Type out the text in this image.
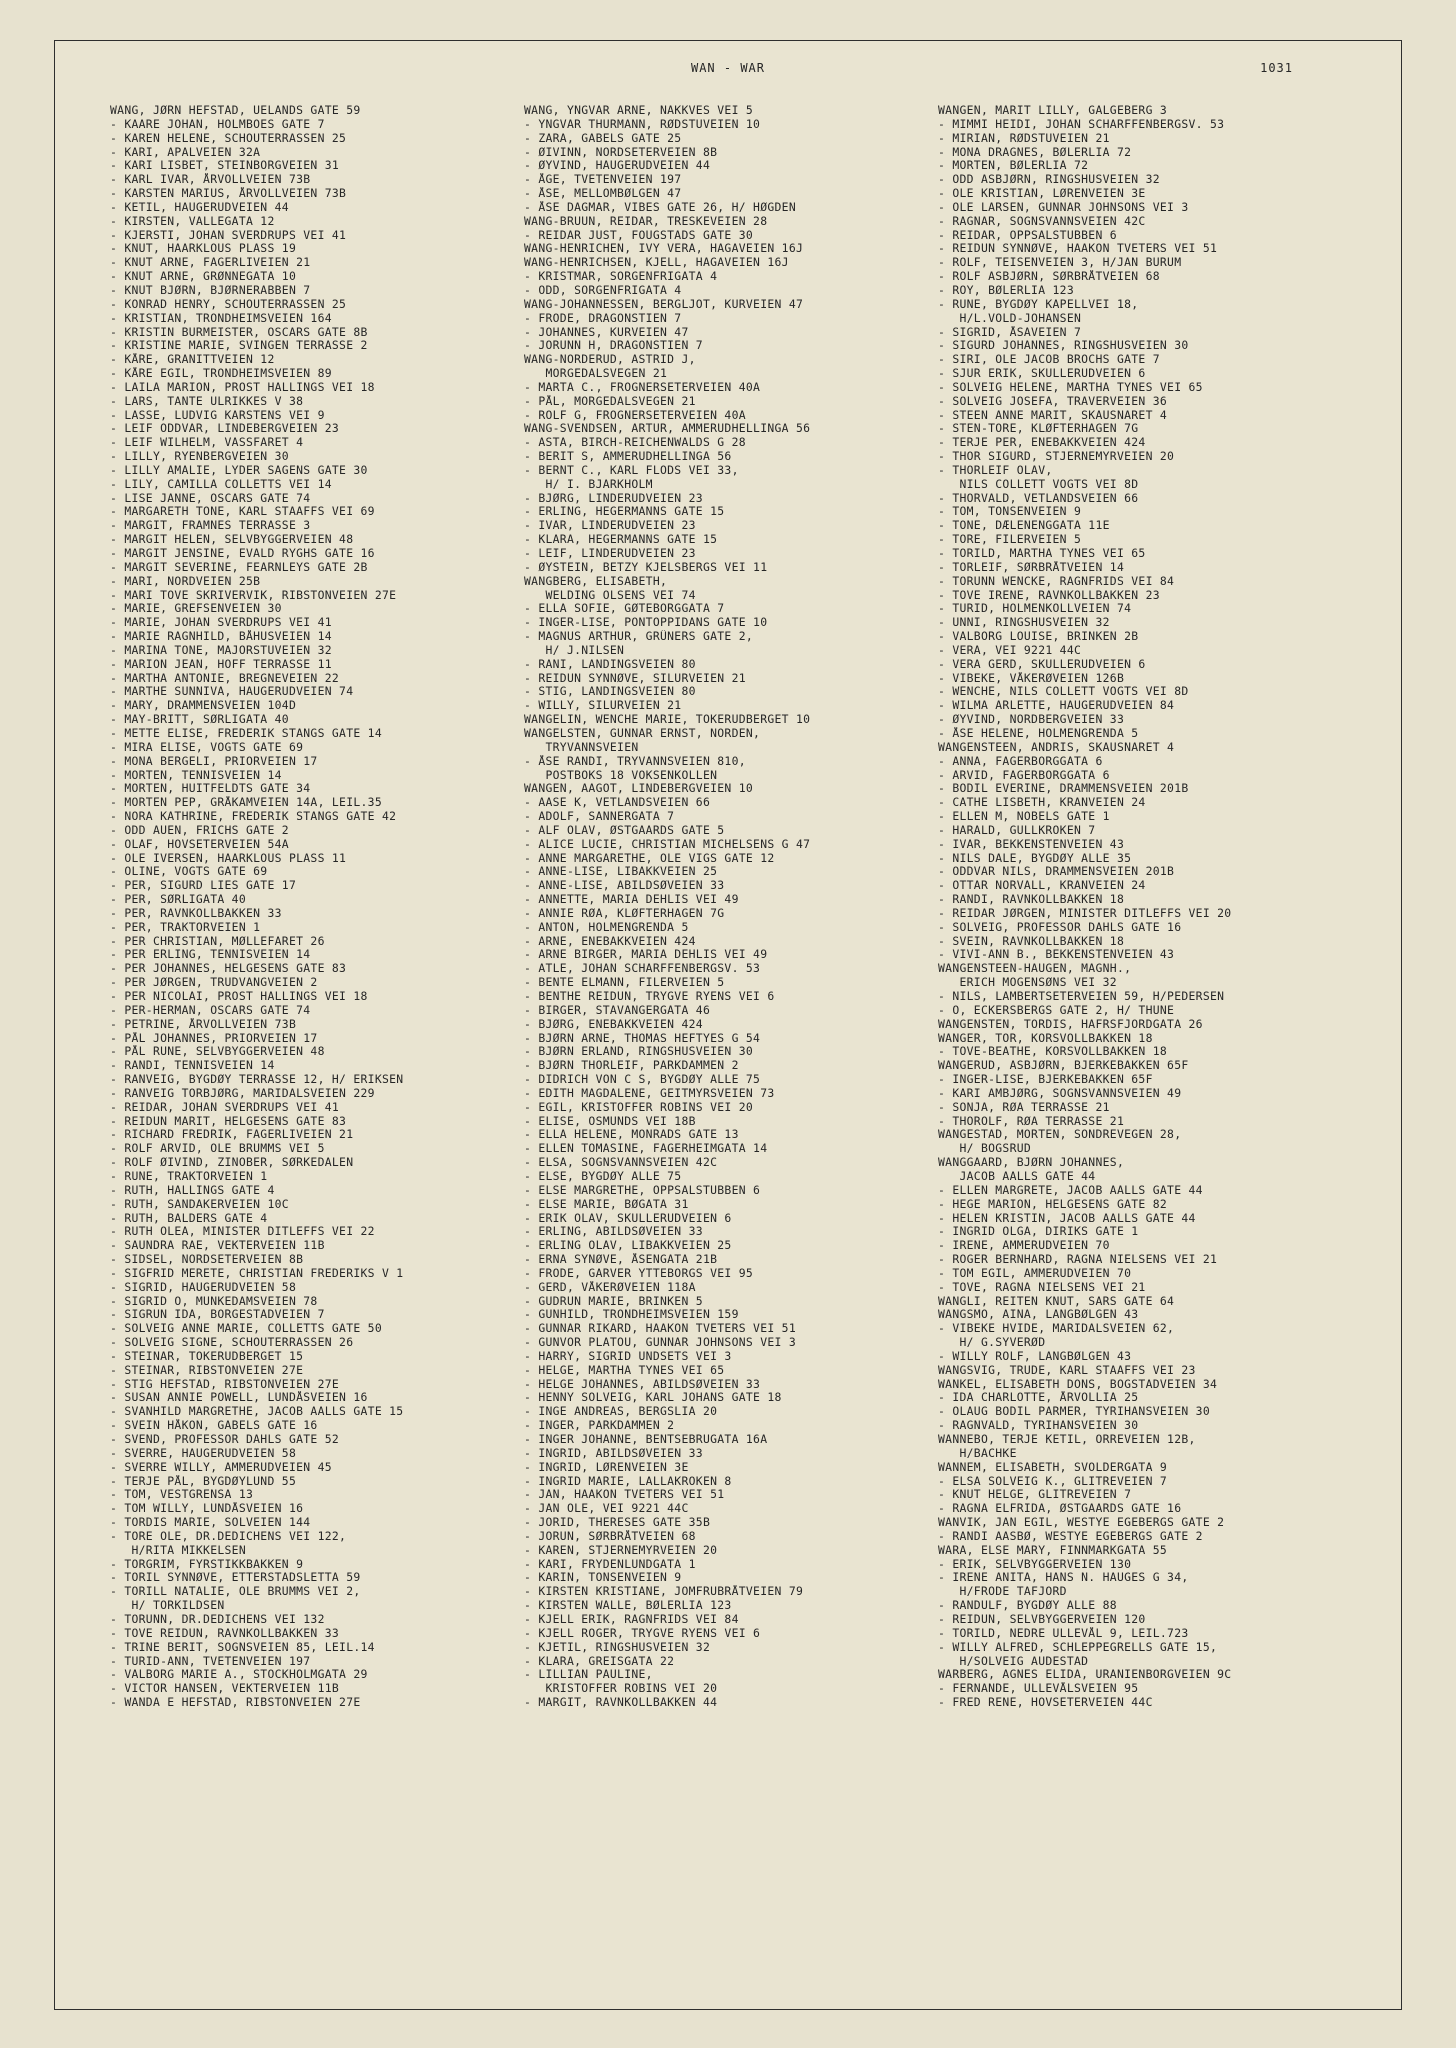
WAN - WAR	1031
WANG, JØRN HEFSTAD, UELANDS GATE 59
- KAARE JOHAN, HOLMBOES GATE 7
- KAREN HELENE, SCHOUTERRASSEN 25
- KARI, APALVEIEN 32A
- KARI LISBET, STEINBORGVEIEN 31
- KARL IVAR, ÅRVOLLVEIEN 73B
- KARSTEN MARIUS, ÅRVOLLVEIEN 73B
- KETIL, HAUGERUDVEIEN 44
- KIRSTEN, VALLEGATA 12
- KJERSTI, JOHAN SVERDRUPS VEI 41
- KNUT, HAARKLOUS PLASS 19
- KNUT ARNE, FAGERLIVEIEN 21
- KNUT ARNE, GRØNNEGATA 10
- KNUT BJØRN, BJØRNERABBEN 7
- KONRAD HENRY, SCHOUTERRASSEN 25
- KRISTIAN, TRONDHEIMSVEIEN 164
- KRISTIN BURMEISTER, OSCARS GATE 8B
- KRISTINE MARIE, SVINGEN TERRASSE 2
- KÅRE, GRANITTVEIEN 12
- KÅRE EGIL, TRONDHEIMSVEIEN 89
- LAILA MARION, PROST HALLINGS VEI 18
- LARS, TANTE ULRIKKES V 38
- LASSE, LUDVIG KARSTENS VEI 9
- LEIF ODDVAR, LINDEBERGVEIEN 23
- LEIF WILHELM, VASSFARET 4
- LILLY, RYENBERGVEIEN 30
- LILLY AMALIE, LYDER SAGENS GATE 30
- LILY, CAMILLA COLLETTS VEI 14
- LISE JANNE, OSCARS GATE 74
- MARGARETH TONE, KARL STAAFFS VEI 69
- MARGIT, FRAMNES TERRASSE 3
- MARGIT HELEN, SELVBYGGERVEIEN 48
- MARGIT JENSINE, EVALD RYGHS GATE 16
- MARGIT SEVERINE, FEARNLEYS GATE 2B
- MARI, NORDVEIEN 25B
- MARI TOVE SKRIVERVIK, RIBSTONVEIEN 27E
- MARIE, GREFSENVEIEN 30
- MARIE, JOHAN SVERDRUPS VEI 41
- MARIE RAGNHILD, BÅHUSVEIEN 14
- MARINA TONE, MAJORSTUVEIEN 32
- MARION JEAN, HOFF TERRASSE 11
- MARTHA ANTONIE, BREGNEVEIEN 22
- MARTHE SUNNIVA, HAUGERUDVEIEN 74
- MARY, DRAMMENSVEIEN 104D
- MAY-BRITT, SØRLIGATA 40
- METTE ELISE, FREDERIK STANGS GATE 14
- MIRA ELISE, VOGTS GATE 69
- MONA BERGELI, PRIORVEIEN 17
- MORTEN, TENNISVEIEN 14
- MORTEN, HUITFELDTS GATE 34
- MORTEN PEP, GRÅKAMVEIEN 14A, LEIL.35
- NORA KATHRINE, FREDERIK STANGS GATE 42
- ODD AUEN, FRICHS GATE 2
- OLAF, HOVSETERVEIEN 54A
- OLE IVERSEN, HAARKLOUS PLASS 11
- OLINE, VOGTS GATE 69
- PER, SIGURD LIES GATE 17
- PER, SØRLIGATA 40
- PER, RAVNKOLLBAKKEN 33
- PER, TRAKTORVEIEN 1
- PER CHRISTIAN, MØLLEFARET 26
- PER ERLING, TENNISVEIEN 14
- PER JOHANNES, HELGESENS GATE 83
- PER JØRGEN, TRUDVANGVEIEN 2
- PER NICOLAI, PROST HALLINGS VEI 18
- PER-HERMAN, OSCARS GATE 74
- PETRINE, ÅRVOLLVEIEN 73B
- PÅL JOHANNES, PRIORVEIEN 17
- PÅL RUNE, SELVBYGGERVEIEN 48
- RANDI, TENNISVEIEN 14
- RANVEIG, BYGDØY TERRASSE 12, H/ ERIKSEN
- RANVEIG TORBJØRG, MARIDALSVEIEN 229
- REIDAR, JOHAN SVERDRUPS VEI 41
- REIDUN MARIT, HELGESENS GATE 83
- RICHARD FREDRIK, FAGERLIVEIEN 21
- ROLF ARVID, OLE BRUMMS VEI 5
- ROLF ØIVIND, ZINOBER, SØRKEDALEN
- RUNE, TRAKTORVEIEN 1
- RUTH, HALLINGS GATE 4
- RUTH, SANDAKERVEIEN 10C
- RUTH, BALDERS GATE 4
- RUTH OLEA, MINISTER DITLEFFS VEI 22
- SAUNDRA RAE, VEKTERVEIEN 11B
- SIDSEL, NORDSETERVEIEN 8B
- SIGFRID MERETE, CHRISTIAN FREDERIKS V 1
- SIGRID, HAUGERUDVEIEN 58
- SIGRID O, MUNKEDAMSVEIEN 78
- SIGRUN IDA, BORGESTADVEIEN 7
- SOLVEIG ANNE MARIE, COLLETTS GATE 50
- SOLVEIG SIGNE, SCHOUTERRASSEN 26
- STEINAR, TOKERUDBERGET 15
- STEINAR, RIBSTONVEIEN 27E
- STIG HEFSTAD, RIBSTONVEIEN 27E
- SUSAN ANNIE POWELL, LUNDÅSVEIEN 16
- SVANHILD MARGRETHE, JACOB AALLS GATE 15
- SVEIN HÅKON, GABELS GATE 16
- SVEND, PROFESSOR DAHLS GATE 52
- SVERRE, HAUGERUDVEIEN 58
- SVERRE WILLY, AMMERUDVEIEN 45
- TERJE PÅL, BYGDØYLUND 55
- TOM, VESTGRENSA 13
- TOM WILLY, LUNDÅSVEIEN 16
- TORDIS MARIE, SOLVEIEN 144
- TORE OLE, DR.DEDICHENS VEI 122,
H/RITA MIKKELSEN
- TORGRIM, FYRSTIKKBAKKEN 9
- TORIL SYNNØVE, ETTERSTADSLETTA 59
- TORILL NATALIE, OLE BRUMMS VEI 2,
H/ TORKILDSEN
- TORUNN, DR.DEDICHENS VEI 132
- TOVE REIDUN, RAVNKOLLBAKKEN 33
- TRINE BERIT, SOGNSVEIEN 85, LEIL.14
- TURID-ANN, TVETENVEIEN 197
- VALBORG MARIE A., STOCKHOLMGATA 29
- VICTOR HANSEN, VEKTERVEIEN 11B
- WANDA E HEFSTAD, RIBSTONVEIEN 27E
WANG, YNGVAR ARNE, NAKKVES VEI 5
- YNGVAR THURMANN, RØDSTUVEIEN 10
- ZARA, GABELS GATE 25
- ØIVINN, NORDSETERVEIEN 8B
- ØYVIND, HAUGERUDVEIEN 44
- ÅGE, TVETENVEIEN 197
- ÅSE, MELLOMBØLGEN 47
- ÅSE DAGMAR, VIBES GATE 26, H/ HØGDEN
WANG-BRUUN, REIDAR, TRESKEVEIEN 28
- REIDAR JUST, FOUGSTADS GATE 30
WANG-HENRICHEN, IVY VERA, HAGAVEIEN 16J
WANG-HENRICHSEN, KJELL, HAGAVEIEN 16J
- KRISTMAR, SORGENFRIGATA 4
- ODD, SORGENFRIGATA 4
WANG-JOHANNESSEN, BERGLJOT, KURVEIEN 47
- FRODE, DRAGONSTIEN 7
- JOHANNES, KURVEIEN 47
- JORUNN H, DRAGONSTIEN 7
WANG-NORDERUD, ASTRID J,
MORGEDALSVEGEN 21
- MARTA C., FROGNERSETERVEIEN 40A
- PÅL, MORGEDALSVEGEN 21
- ROLF G, FROGNERSETERVEIEN 40A
WANG-SVENDSEN, ARTUR, AMMERUDHELLINGA 56
- ASTA, BIRCH-REICHENWALDS G 28
- BERIT S, AMMERUDHELLINGA 56
- BERNT C., KARL FLODS VEI 33,
H/ I. BJARKHOLM
- BJØRG, LINDERUDVEIEN 23
- ERLING, HEGERMANNS GATE 15
- IVAR, LINDERUDVEIEN 23
- KLARA, HEGERMANNS GATE 15
- LEIF, LINDERUDVEIEN 23
- ØYSTEIN, BETZY KJELSBERGS VEI 11
WANGBERG, ELISABETH,
WELDING OLSENS VEI 74
- ELLA SOFIE, GØTEBORGGATA 7
- INGER-LISE, PONTOPPIDANS GATE 10
- MAGNUS ARTHUR, GRÜNERS GATE 2,
H/ J.NILSEN
- RANI, LANDINGSVEIEN 80
- REIDUN SYNNØVE, SILURVEIEN 21
- STIG, LANDINGSVEIEN 80
- WILLY, SILURVEIEN 21
WANGELIN, WENCHE MARIE, TOKERUDBERGET 10
WANGELSTEN, GUNNAR ERNST, NORDEN,
TRYVANNSVEIEN
- ÅSE RANDI, TRYVANNSVEIEN 810,
POSTBOKS 18 VOKSENKOLLEN
WANGEN, AAGOT, LINDEBERGVEIEN 10
- AASE K, VETLANDSVEIEN 66
- ADOLF, SANNERGATA 7
- ALF OLAV, ØSTGAARDS GATE 5
- ALICE LUCIE, CHRISTIAN MICHELSENS G 47
- ANNE MARGARETHE, OLE VIGS GATE 12
- ANNE-LISE, LIBAKKVEIEN 25
- ANNE-LISE, ABILDSØVEIEN 33
- ANNETTE, MARIA DEHLIS VEI 49
- ANNIE RØA, KLØFTERHAGEN 7G
- ANTON, HOLMENGRENDA 5
- ARNE, ENEBAKKVEIEN 424
- ARNE BIRGER, MARIA DEHLIS VEI 49
- ATLE, JOHAN SCHARFFENBERGSV. 53
- BENTE ELMANN, FILERVEIEN 5
- BENTHE REIDUN, TRYGVE RYENS VEI 6
- BIRGER, STAVANGERGATA 46
- BJØRG, ENEBAKKVEIEN 424
- BJØRN ARNE, THOMAS HEFTYES G 54
- BJØRN ERLAND, RINGSHUSVEIEN 30
- BJØRN THORLEIF, PARKDAMMEN 2
- DIDRICH VON C S, BYGDØY ALLE 75
- EDITH MAGDALENE, GEITMYRSVEIEN 73
- EGIL, KRISTOFFER ROBINS VEI 20
- ELISE, OSMUNDS VEI 18B
- ELLA HELENE, MONRADS GATE 13
- ELLEN TOMASINE, FAGERHEIMGATA 14
- ELSA, SOGNSVANNSVEIEN 42C
- ELSE, BYGDØY ALLE 75
- ELSE MARGRETHE, OPPSALSTUBBEN 6
- ELSE MARIE, BØGATA 31
- ERIK OLAV, SKULLERUDVEIEN 6
- ERLING, ABILDSØVEIEN 33
- ERLING OLAV, LIBAKKVEIEN 25
- ERNA SYNØVE, ÅSENGATA 21B
- FRODE, GARVER YTTEBORGS VEI 95
- GERD, VÅKERØVEIEN 118A
- GUDRUN MARIE, BRINKEN 5
- GUNHILD, TRONDHEIMSVEIEN 159
- GUNNAR RIKARD, HAAKON TVETERS VEI 51
- GUNVOR PLATOU, GUNNAR JOHNSONS VEI 3
- HARRY, SIGRID UNDSETS VEI 3
- HELGE, MARTHA TYNES VEI 65
- HELGE JOHANNES, ABILDSØVEIEN 33
- HENNY SOLVEIG, KARL JOHANS GATE 18
- INGE ANDREAS, BERGSLIA 20
- INGER, PARKDAMMEN 2
- INGER JOHANNE, BENTSEBRUGATA 16A
- INGRID, ABILDSØVEIEN 33
- INGRID, LØRENVEIEN 3E
- INGRID MARIE, LALLAKROKEN 8
- JAN, HAAKON TVETERS VEI 51
- JAN OLE, VEI 9221 44C
- JORID, THERESES GATE 35B
- JORUN, SØRBRÅTVEIEN 68
- KAREN, STJERNEMYRVEIEN 20
- KARI, FRYDENLUNDGATA 1
- KARIN, TONSENVEIEN 9
- KIRSTEN KRISTIANE, JOMFRUBRÅTVEIEN 79
- KIRSTEN WALLE, BØLERLIA 123
- KJELL ERIK, RAGNFRIDS VEI 84
- KJELL ROGER, TRYGVE RYENS VEI 6
- KJETIL, RINGSHUSVEIEN 32
- KLARA, GREISGATA 22
- LILLIAN PAULINE,
KRISTOFFER ROBINS VEI 20
- MARGIT, RAVNKOLLBAKKEN 44
WANGEN, MARIT LILLY, GALGEBERG 3
- MIMMI HEIDI, JOHAN SCHARFFENBERGSV. 53
- MIRIAN, RØDSTUVEIEN 21
- MONA DRAGNES, BØLERLIA 72
- MORTEN, BØLERLIA 72
- ODD ASBJØRN, RINGSHUSVEIEN 32
- OLE KRISTIAN, LØRENVEIEN 3E
- OLE LARSEN, GUNNAR JOHNSONS VEI 3
- RAGNAR, SOGNSVANNSVEIEN 42C
- REIDAR, OPPSALSTUBBEN 6
- REIDUN SYNNØVE, HAAKON TVETERS VEI 51
- ROLF, TEISENVEIEN 3, H/JAN BURUM
- ROLF ASBJØRN, SØRBRÅTVEIEN 68
- ROY, BØLERLIA 123
- RUNE, BYGDØY KAPELLVEI 18,
H/L.VOLD-JOHANSEN
- SIGRID, ÅSAVEIEN 7
- SIGURD JOHANNES, RINGSHUSVEIEN 30
- SIRI, OLE JACOB BROCHS GATE 7
- SJUR ERIK, SKULLERUDVEIEN 6
- SOLVEIG HELENE, MARTHA TYNES VEI 65
- SOLVEIG JOSEFA, TRAVERVEIEN 36
- STEEN ANNE MARIT, SKAUSNARET 4
- STEN-TORE, KLØFTERHAGEN 7G
- TERJE PER, ENEBAKKVEIEN 424
- THOR SIGURD, STJERNEMYRVEIEN 20
- THORLEIF OLAV,
NILS COLLETT VOGTS VEI 8D
- THORVALD, VETLANDSVEIEN 66
- TOM, TONSENVEIEN 9
- TONE, DÆLENENGGATA 11E
- TORE, FILERVEIEN 5
- TORILD, MARTHA TYNES VEI 65
- TORLEIF, SØRBRÅTVEIEN 14
- TORUNN WENCKE, RAGNFRIDS VEI 84
- TOVE IRENE, RAVNKOLLBAKKEN 23
- TURID, HOLMENKOLLVEIEN 74
- UNNI, RINGSHUSVEIEN 32
- VALBORG LOUISE, BRINKEN 2B
- VERA, VEI 9221 44C
- VERA GERD, SKULLERUDVEIEN 6
- VIBEKE, VÅKERØVEIEN 126B
- WENCHE, NILS COLLETT VOGTS VEI 8D
- WILMA ARLETTE, HAUGERUDVEIEN 84
- ØYVIND, NORDBERGVEIEN 33
- ÅSE HELENE, HOLMENGRENDA 5
WANGENSTEEN, ANDRIS, SKAUSNARET 4
- ANNA, FAGERBORGGATA 6
- ARVID, FAGERBORGGATA 6
- BODIL EVERINE, DRAMMENSVEIEN 201B
- CATHE LISBETH, KRANVEIEN 24
- ELLEN M, NOBELS GATE 1
- HARALD, GULLKROKEN 7
- IVAR, BEKKENSTENVEIEN 43
- NILS DALE, BYGDØY ALLE 35
- ODDVAR NILS, DRAMMENSVEIEN 201B
- OTTAR NORVALL, KRANVEIEN 24
- RANDI, RAVNKOLLBAKKEN 18
- REIDAR JØRGEN, MINISTER DITLEFFS VEI 20
- SOLVEIG, PROFESSOR DAHLS GATE 16
- SVEIN, RAVNKOLLBAKKEN 18
- VIVI-ANN B., BEKKENSTENVEIEN 43
WANGENSTEEN-HAUGEN, MAGNH.,
ERICH MOGENSØNS VEI 32
- NILS, LAMBERTSETERVEIEN 59, H/PEDERSEN
- O, ECKERSBERGS GATE 2, H/ THUNE
WANGENSTEN, TORDIS, HAFRSFJORDGATA 26
WANGER, TOR, KORSVOLLBAKKEN 18
- TOVE-BEATHE, KORSVOLLBAKKEN 18
WANGERUD, ASBJØRN, BJERKEBAKKEN 65F
- INGER-LISE, BJERKEBAKKEN 65F
- KARI AMBJØRG, SOGNSVANNSVEIEN 49
- SONJA, RØA TERRASSE 21
- THOROLF, RØA TERRASSE 21
WANGESTAD, MORTEN, SONDREVEGEN 28,
H/ BOGSRUD
WANGGAARD, BJØRN JOHANNES,
JACOB AALLS GATE 44
- ELLEN MARGRETE, JACOB AALLS GATE 44
- HEGE MARION, HELGESENS GATE 82
- HELEN KRISTIN, JACOB AALLS GATE 44
- INGRID OLGA, DIRIKS GATE 1
- IRENE, AMMERUDVEIEN 70
- ROGER BERNHARD, RAGNA NIELSENS VEI 21
- TOM EGIL, AMMERUDVEIEN 70
- TOVE, RAGNA NIELSENS VEI 21
WANGLI, REITEN KNUT, SARS GATE 64
WANGSMO, AINA, LANGBØLGEN 43
- VIBEKE HVIDE, MARIDALSVEIEN 62,
H/ G.SYVERØD
- WILLY ROLF, LANGBØLGEN 43
WANGSVIG, TRUDE, KARL STAAFFS VEI 23
WANKEL, ELISABETH DONS, BOGSTADVEIEN 34
- IDA CHARLOTTE, ÅRVOLLIA 25
- OLAUG BODIL PARMER, TYRIHANSVEIEN 30
- RAGNVALD, TYRIHANSVEIEN 30
WANNEBO, TERJE KETIL, ORREVEIEN 12B,
H/BACHKE
WANNEM, ELISABETH, SVOLDERGATA 9
- ELSA SOLVEIG K., GLITREVEIEN 7
- KNUT HELGE, GLITREVEIEN 7
- RAGNA ELFRIDA, ØSTGAARDS GATE 16
WANVIK, JAN EGIL, WESTYE EGEBERGS GATE 2
- RANDI AASBØ, WESTYE EGEBERGS GATE 2
WARA, ELSE MARY, FINNMARKGATA 55
- ERIK, SELVBYGGERVEIEN 130
- IRENE ANITA, HANS N. HAUGES G 34,
H/FRODE TAFJORD
- RANDULF, BYGDØY ALLE 88
- REIDUN, SELVBYGGERVEIEN 120
- TORILD, NEDRE ULLEVÅL 9, LEIL.723
- WILLY ALFRED, SCHLEPPEGRELLS GATE 15,
H/SOLVEIG AUDESTAD
WARBERG, AGNES ELIDA, URANIENBORGVEIEN 9C
- FERNANDE, ULLEVÅLSVEIEN 95
- FRED RENE, HOVSETERVEIEN 44C
